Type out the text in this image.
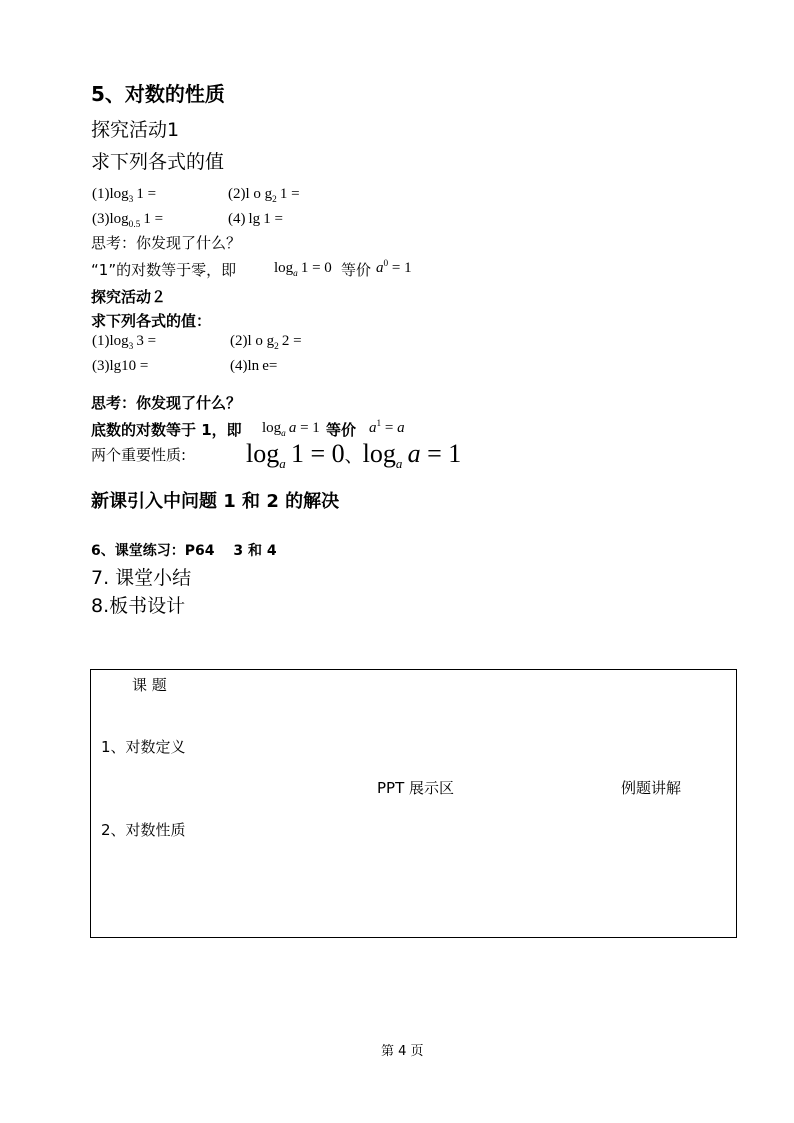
5、对数的性质
探究活动1
求下列各式的值
$(1)\log_3$  1 =	(2)l o $g_2$  1 =
$(3)\log_{0.5}$  1 =	(4) lg  1 =
思考：你发现了什么？
“1”的对数等于零，即	$\log_a 1 = 0$ 等价 $a^0 = 1$
探究活动２
求下列各式的值：
$(1)\log_3$  3 =	(2)l o $g_2$  2 =
(3)lg10 =	(4)ln  e=
思考：你发现了什么？
底数的对数等于 1，即 $\log_a a = 1$ 等价 $a^1 = a$
两个重要性质: $\log_a 1 = 0$、$\log_a a = 1$
新课引入中问题 1 和 2 的解决
6、课堂练习：P64　 3 和 4
7. 课堂小结
8.板书设计
课 题
1、对数定义
PPT 展示区	例题讲解
2、对数性质
第 4 页
